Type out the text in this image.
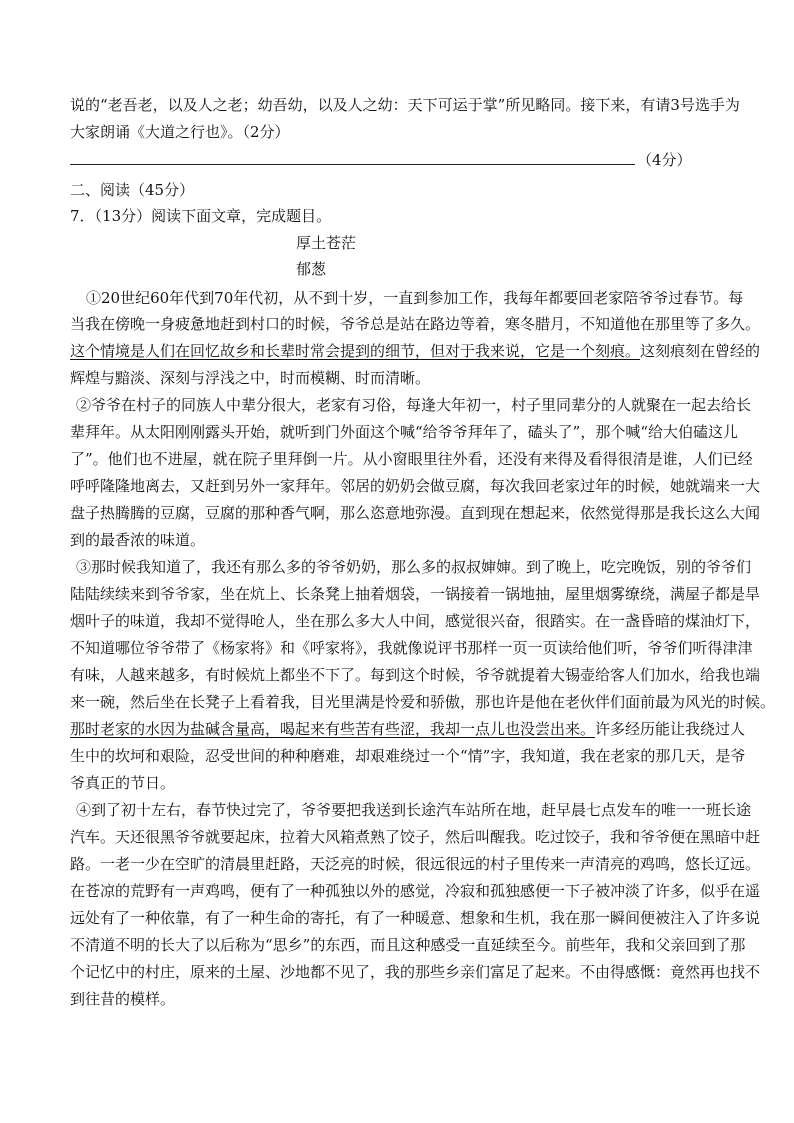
说的“老吾老，以及人之老；幼吾幼，以及人之幼：天下可运于掌”所见略同。接下来，有请3号选手为
大家朗诵《大道之行也》。（2分）
（4分）
二、阅读（45分）
7．（13分）阅读下面文章，完成题目。
厚土苍茫
郁葱
①20世纪60年代到70年代初，从不到十岁，一直到参加工作，我每年都要回老家陪爷爷过春节。每
当我在傍晚一身疲惫地赶到村口的时候，爷爷总是站在路边等着，寒冬腊月，不知道他在那里等了多久。
这个情境是人们在回忆故乡和长辈时常会提到的细节，但对于我来说，它是一个刻痕。这刻痕刻在曾经的
辉煌与黯淡、深刻与浮浅之中，时而模糊、时而清晰。
②爷爷在村子的同族人中辈分很大，老家有习俗，每逢大年初一，村子里同辈分的人就聚在一起去给长
辈拜年。从太阳刚刚露头开始，就听到门外面这个喊“给爷爷拜年了，磕头了”，那个喊“给大伯磕这儿
了”。他们也不进屋，就在院子里拜倒一片。从小窗眼里往外看，还没有来得及看得很清是谁，人们已经
呼呼隆隆地离去，又赶到另外一家拜年。邻居的奶奶会做豆腐，每次我回老家过年的时候，她就端来一大
盘子热腾腾的豆腐，豆腐的那种香气啊，那么恣意地弥漫。直到现在想起来，依然觉得那是我长这么大闻
到的最香浓的味道。
③那时候我知道了，我还有那么多的爷爷奶奶，那么多的叔叔婶婶。到了晚上，吃完晚饭，别的爷爷们
陆陆续续来到爷爷家，坐在炕上、长条凳上抽着烟袋，一锅接着一锅地抽，屋里烟雾缭绕，满屋子都是旱
烟叶子的味道，我却不觉得呛人，坐在那么多大人中间，感觉很兴奋，很踏实。在一盏昏暗的煤油灯下，
不知道哪位爷爷带了《杨家将》和《呼家将》，我就像说评书那样一页一页读给他们听，爷爷们听得津津
有味，人越来越多，有时候炕上都坐不下了。每到这个时候，爷爷就提着大锡壶给客人们加水，给我也端
来一碗，然后坐在长凳子上看着我，目光里满是怜爱和骄傲，那也许是他在老伙伴们面前最为风光的时候。
那时老家的水因为盐碱含量高，喝起来有些苦有些涩，我却一点儿也没尝出来。许多经历能让我绕过人
生中的坎坷和艰险，忍受世间的种种磨难，却艰难绕过一个“情”字，我知道，我在老家的那几天，是爷
爷真正的节日。
④到了初十左右，春节快过完了，爷爷要把我送到长途汽车站所在地，赶早晨七点发车的唯一一班长途
汽车。天还很黑爷爷就要起床，拉着大风箱煮熟了饺子，然后叫醒我。吃过饺子，我和爷爷便在黑暗中赶
路。一老一少在空旷的清晨里赶路，天泛亮的时候，很远很远的村子里传来一声清亮的鸡鸣，悠长辽远。
在苍凉的荒野有一声鸡鸣，便有了一种孤独以外的感觉，冷寂和孤独感便一下子被冲淡了许多，似乎在遥
远处有了一种依靠，有了一种生命的寄托，有了一种暖意、想象和生机，我在那一瞬间便被注入了许多说
不清道不明的长大了以后称为“思乡”的东西，而且这种感受一直延续至今。前些年，我和父亲回到了那
个记忆中的村庄，原来的土屋、沙地都不见了，我的那些乡亲们富足了起来。不由得感慨：竟然再也找不
到往昔的模样。
